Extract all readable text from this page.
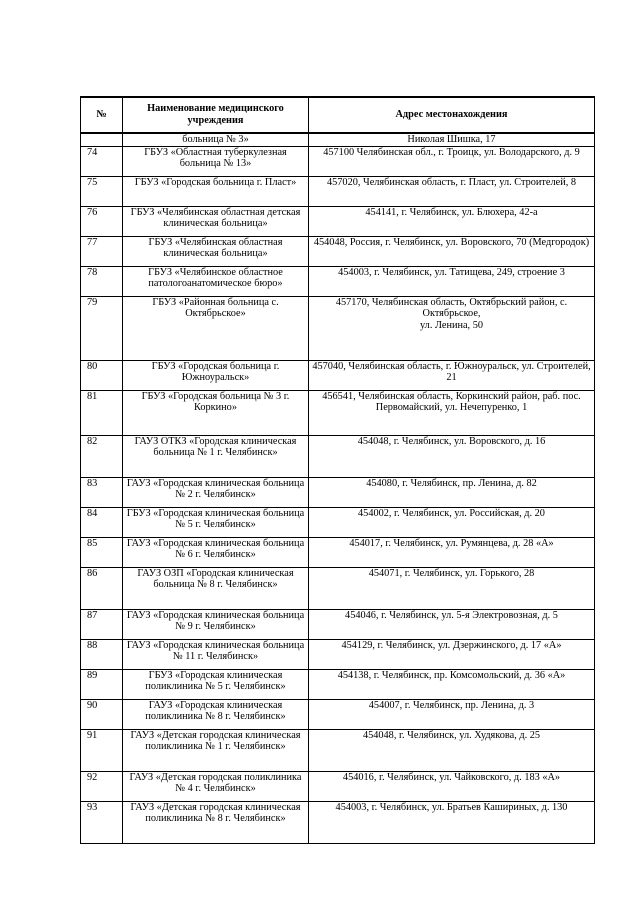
№	Наименование медицинского учреждения	Адрес местонахождения
	больница № 3»	Николая Шишка, 17

74	ГБУЗ «Областная туберкулезная больница № 13»	457100 Челябинская обл., г. Троицк, ул. Володарского, д. 9

75	ГБУЗ «Городская больница г. Пласт»	457020, Челябинская область, г. Пласт, ул. Строителей, 8

76	ГБУЗ «Челябинская областная детская клиническая больница»	454141, г. Челябинск, ул. Блюхера, 42-а

77	ГБУЗ «Челябинская областная клиническая больница»	454048, Россия, г. Челябинск, ул. Воровского, 70 (Медгородок)

78	ГБУЗ «Челябинское областное патологоанатомическое бюро»	454003, г. Челябинск, ул. Татищева, 249, строение 3

79	ГБУЗ «Районная больница с. Октябрьское»	457170, Челябинская область, Октябрьский район, с. Октябрьское,
ул. Ленина, 50

80	ГБУЗ «Городская больница г. Южноуральск»	457040, Челябинская область, г. Южноуральск, ул. Строителей, 21

81	ГБУЗ «Городская больница № 3 г. Коркино»	456541, Челябинская область, Коркинский район, раб. пос. Первомайский, ул. Нечепуренко, 1

82	ГАУЗ ОТКЗ «Городская клиническая больница № 1 г. Челябинск»	454048, г. Челябинск, ул. Воровского, д. 16

83	ГАУЗ «Городская клиническая больница № 2 г. Челябинск»	454080, г. Челябинск, пр. Ленина, д. 82

84	ГБУЗ «Городская клиническая больница № 5 г. Челябинск»	454002, г. Челябинск, ул. Российская, д. 20

85	ГАУЗ «Городская клиническая больница № 6 г. Челябинск»	454017, г. Челябинск, ул. Румянцева, д. 28 «А»

86	ГАУЗ ОЗП «Городская клиническая больница № 8 г. Челябинск»	454071, г. Челябинск, ул. Горького, 28

87	ГАУЗ «Городская клиническая больница № 9 г. Челябинск»	454046, г. Челябинск, ул. 5-я Электровозная, д. 5

88	ГАУЗ «Городская клиническая больница № 11 г. Челябинск»	454129, г. Челябинск, ул. Дзержинского, д. 17 «А»

89	ГБУЗ «Городская клиническая поликлиника № 5 г. Челябинск»	454138, г. Челябинск, пр. Комсомольский, д. 36 «А»

90	ГАУЗ «Городская клиническая поликлиника № 8 г. Челябинск»	454007, г. Челябинск, пр. Ленина, д. 3

91	ГАУЗ «Детская городская клиническая поликлиника № 1 г. Челябинск»	454048, г. Челябинск, ул. Худякова, д. 25

92	ГАУЗ «Детская городская поликлиника № 4 г. Челябинск»	454016, г. Челябинск, ул. Чайковского, д. 183 «А»

93	ГАУЗ «Детская городская клиническая поликлиника № 8 г. Челябинск»	454003, г. Челябинск, ул. Братьев Кашириных, д. 130
